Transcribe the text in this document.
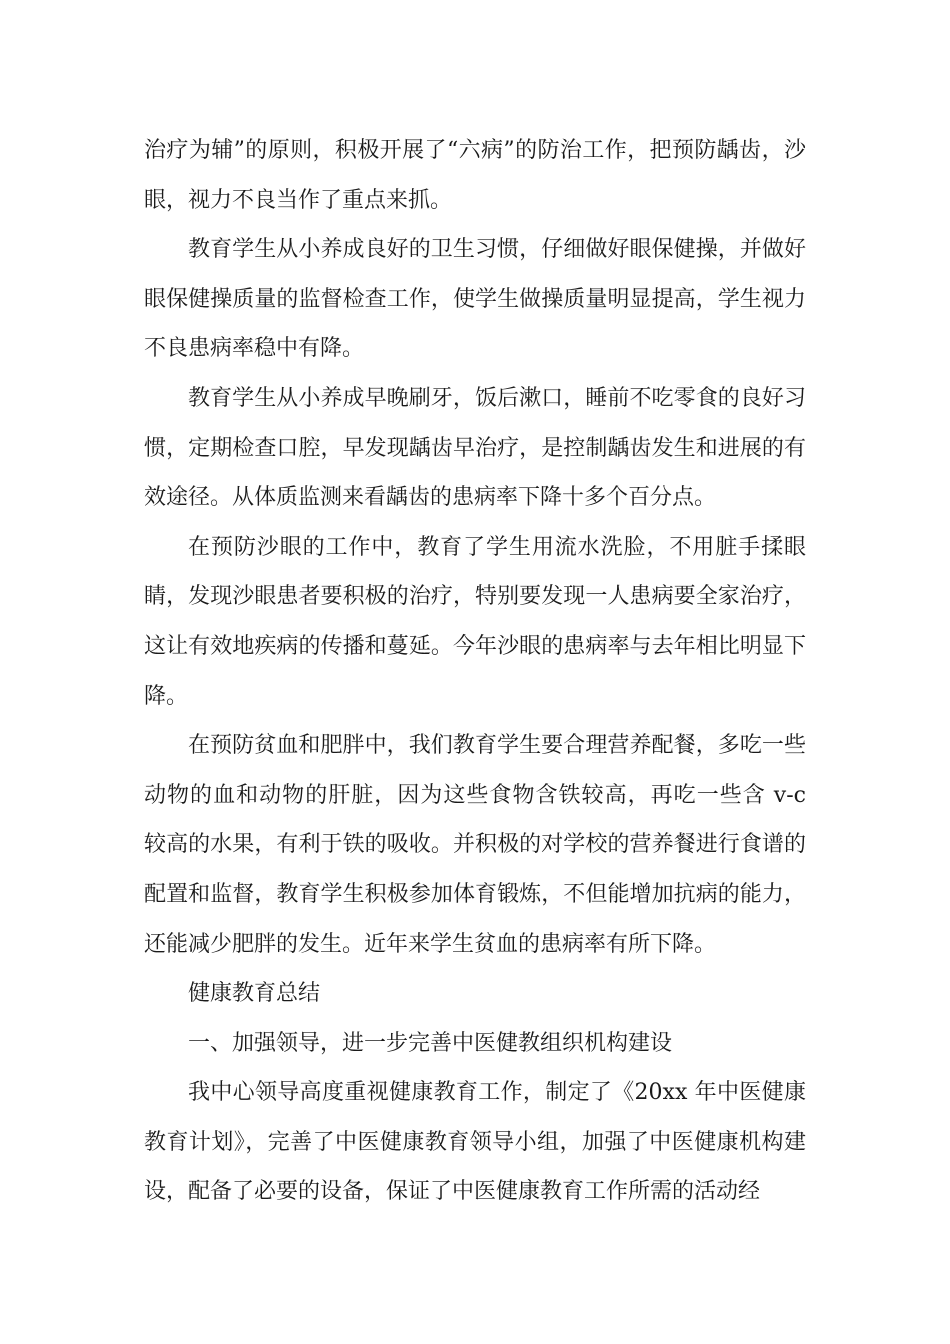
治疗为辅”的原则，积极开展了“六病”的防治工作，把预防龋齿，沙眼，视力不良当作了重点来抓。

教育学生从小养成良好的卫生习惯，仔细做好眼保健操，并做好眼保健操质量的监督检查工作，使学生做操质量明显提高，学生视力不良患病率稳中有降。

教育学生从小养成早晚刷牙，饭后漱口，睡前不吃零食的良好习惯，定期检查口腔，早发现龋齿早治疗，是控制龋齿发生和进展的有效途径。从体质监测来看龋齿的患病率下降十多个百分点。

在预防沙眼的工作中，教育了学生用流水洗脸，不用脏手揉眼睛，发现沙眼患者要积极的治疗，特别要发现一人患病要全家治疗，这让有效地疾病的传播和蔓延。今年沙眼的患病率与去年相比明显下降。

在预防贫血和肥胖中，我们教育学生要合理营养配餐，多吃一些动物的血和动物的肝脏，因为这些食物含铁较高，再吃一些含 v-c 较高的水果，有利于铁的吸收。并积极的对学校的营养餐进行食谱的配置和监督，教育学生积极参加体育锻炼，不但能增加抗病的能力，还能减少肥胖的发生。近年来学生贫血的患病率有所下降。

健康教育总结

一、加强领导，进一步完善中医健教组织机构建设

我中心领导高度重视健康教育工作，制定了《20xx 年中医健康教育计划》，完善了中医健康教育领导小组，加强了中医健康机构建设，配备了必要的设备，保证了中医健康教育工作所需的活动经
